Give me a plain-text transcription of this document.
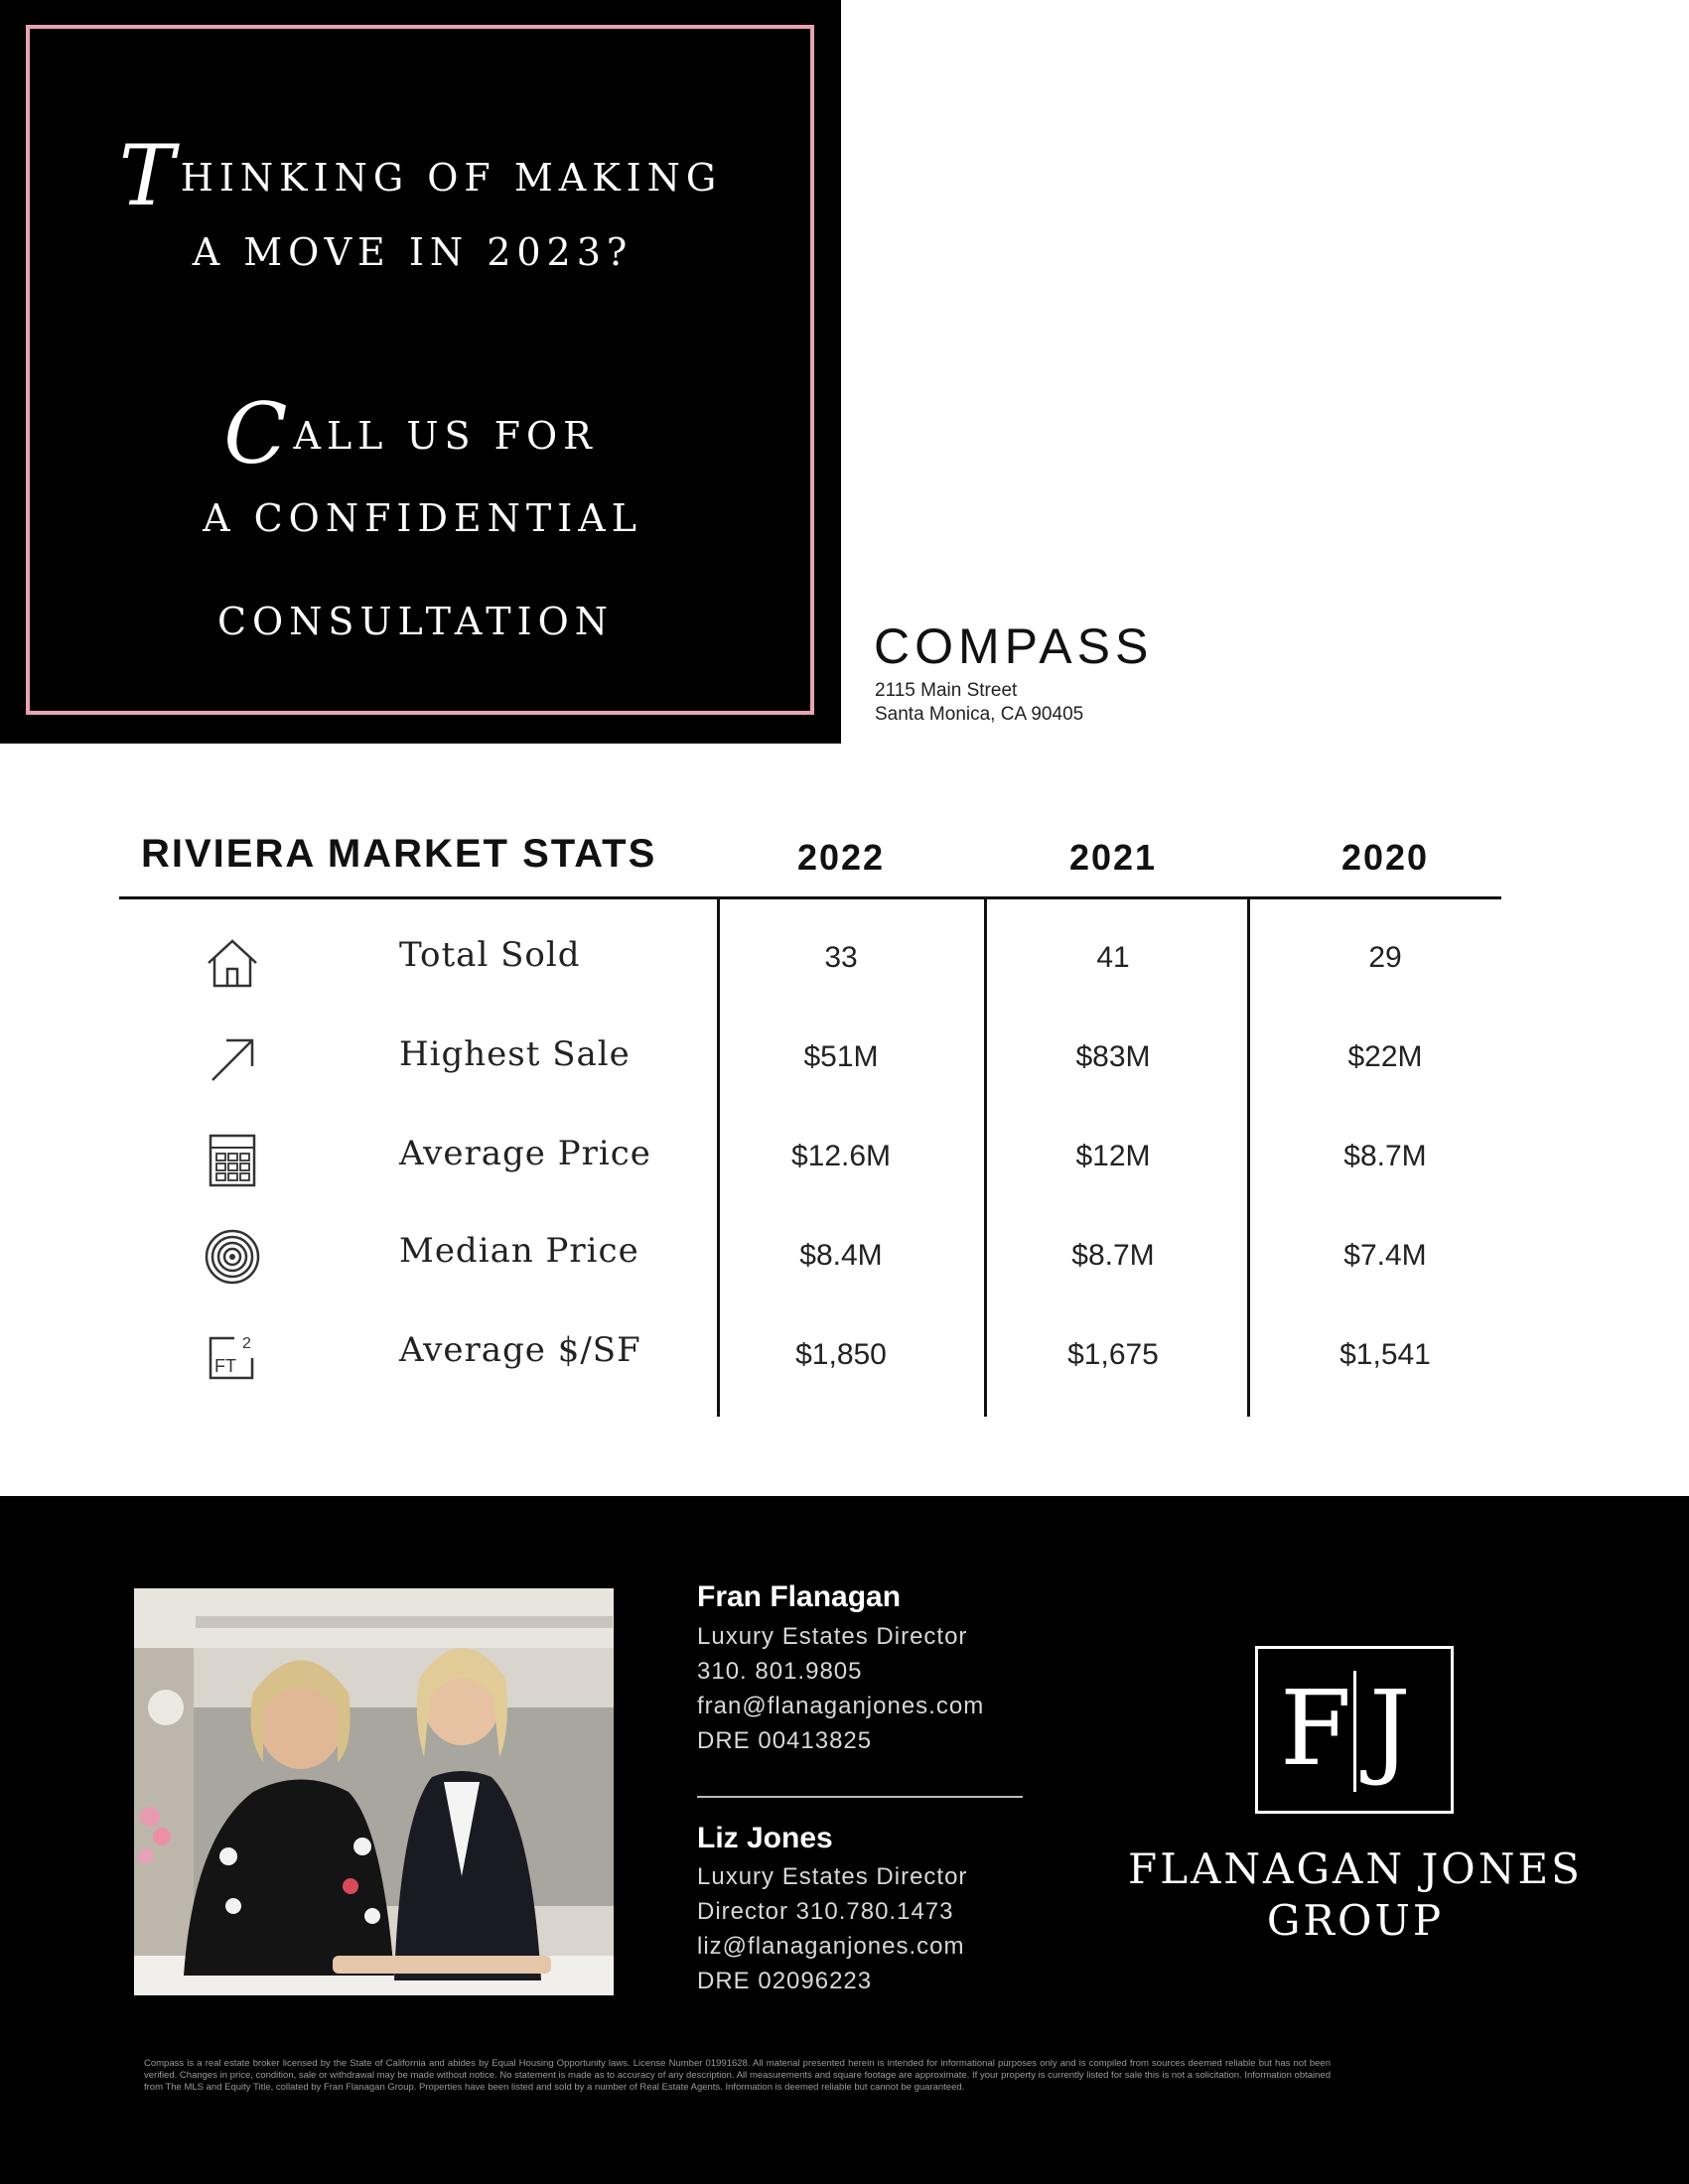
THINKING OF MAKING
A MOVE IN 2023?
CALL US FOR
A CONFIDENTIAL
CONSULTATION	COMPASS
2115 Main Street
Santa Monica, CA 90405
RIVIERA MARKET STATS	2022	2021	2020
Total Sold	33	41	29
Highest Sale	$51M	$83M	$22M
Average Price	$12.6M	$12M	$8.7M
Median Price	$8.4M	$8.7M	$7.4M
FT
2	Average $/SF	$1,850	$1,675	$1,541
Fran Flanagan
Luxury Estates Director
310. 801.9805
fran@flanaganjones.com
DRE 00413825
Liz Jones
Luxury Estates Director
Director 310.780.1473
liz@flanaganjones.com
DRE 02096223
F J
FLANAGAN JONES
GROUP
Compass is a real estate broker licensed by the State of California and abides by Equal Housing Opportunity laws. License Number 01991628. All material presented herein is intended for informational purposes only and is compiled from sources deemed reliable but has not been verified. Changes in price, condition, sale or withdrawal may be made without notice. No statement is made as to accuracy of any description. All measurements and square footage are approximate. If your property is currently listed for sale this is not a solicitation. Information obtained from The MLS and Equity Title, collated by Fran Flanagan Group. Properties have been listed and sold by a number of Real Estate Agents. Information is deemed reliable but cannot be guaranteed.
